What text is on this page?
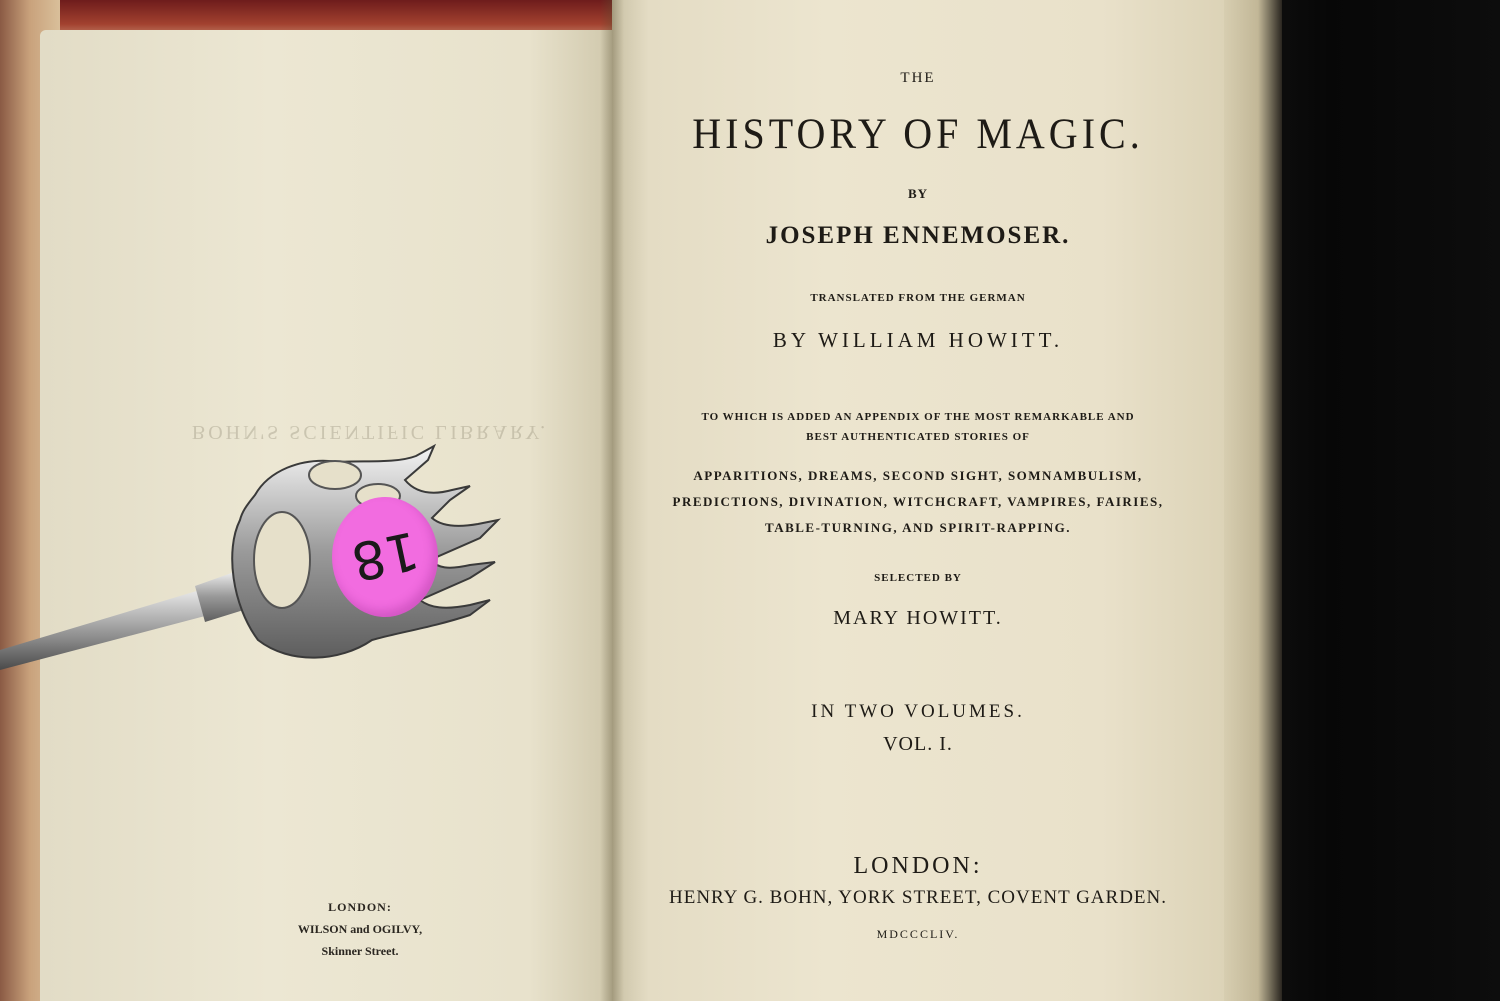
BOHN'S SCIENTIFIC LIBRARY.
THE
HISTORY OF MAGIC.
BY
JOSEPH ENNEMOSER.
TRANSLATED FROM THE GERMAN
BY WILLIAM HOWITT.
TO WHICH IS ADDED AN APPENDIX OF THE MOST REMARKABLE AND
BEST AUTHENTICATED STORIES OF
APPARITIONS, DREAMS, SECOND SIGHT, SOMNAMBULISM,
PREDICTIONS, DIVINATION, WITCHCRAFT, VAMPIRES, FAIRIES,
TABLE-TURNING, AND SPIRIT-RAPPING.
SELECTED BY
MARY HOWITT.
IN TWO VOLUMES.
VOL. I.
LONDON:
HENRY G. BOHN, YORK STREET, COVENT GARDEN.
MDCCCLIV.
LONDON:
WILSON and OGILVY,
Skinner Street.
18
